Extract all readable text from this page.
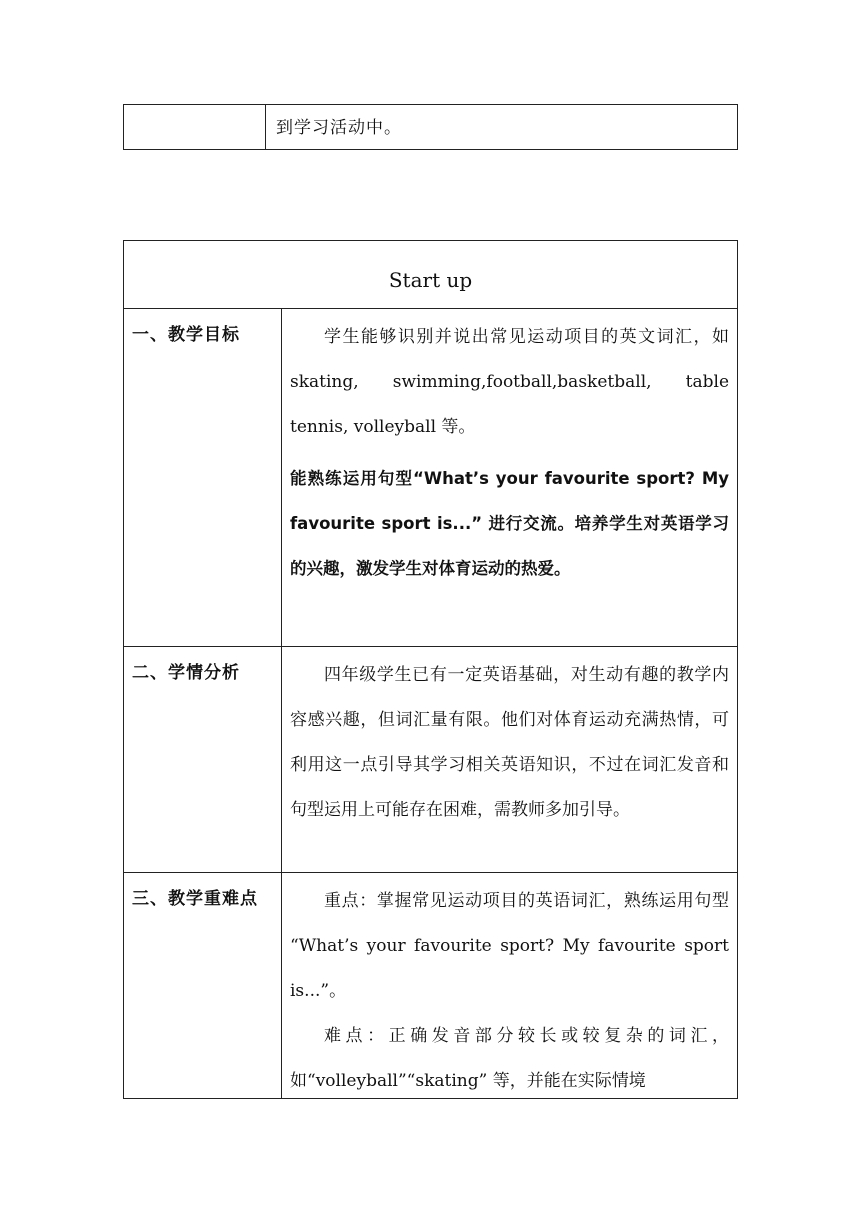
到学习活动中。
Start up
一、教学目标	学生能够识别并说出常见运动项目的英文词汇，如 skating, swimming,football,basketball, table tennis, volleyball 等。

能熟练运用句型“What’s your favourite sport? My favourite sport is...” 进行交流。培养学生对英语学习的兴趣，激发学生对体育运动的热爱。

二、学情分析	四年级学生已有一定英语基础，对生动有趣的教学内容感兴趣，但词汇量有限。他们对体育运动充满热情，可利用这一点引导其学习相关英语知识，不过在词汇发音和句型运用上可能存在困难，需教师多加引导。

三、教学重难点	重点：掌握常见运动项目的英语词汇，熟练运用句型 “What’s your favourite sport? My favourite sport is...”。

难点：正确发音部分较长或较复杂的词汇，如“volleyball”“skating” 等，并能在实际情境
